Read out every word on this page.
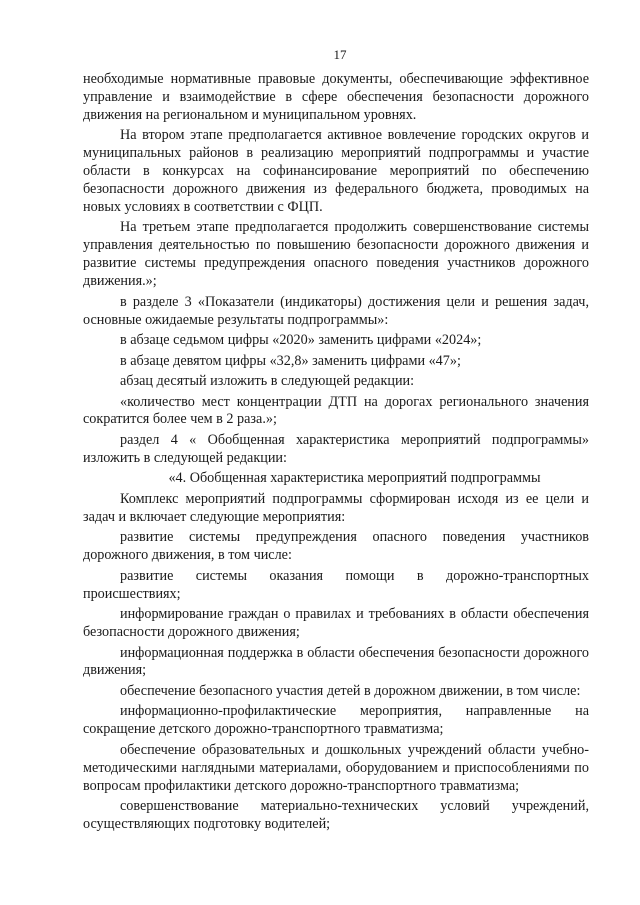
17

необходимые нормативные правовые документы, обеспечивающие эффективное управление и взаимодействие в сфере обеспечения безопасности дорожного движения на региональном и муниципальном уровнях.

На втором этапе предполагается активное вовлечение городских округов и муниципальных районов в реализацию мероприятий подпрограммы и участие области в конкурсах на софинансирование мероприятий по обеспечению безопасности дорожного движения из федерального бюджета, проводимых на новых условиях в соответствии с ФЦП.

На третьем этапе предполагается продолжить совершенствование системы управления деятельностью по повышению безопасности дорожного движения и развитие системы предупреждения опасного поведения участников дорожного движения.»;

в разделе 3 «Показатели (индикаторы) достижения цели и решения задач, основные ожидаемые результаты подпрограммы»:

в абзаце седьмом цифры «2020» заменить цифрами «2024»;

в абзаце девятом цифры «32,8» заменить цифрами «47»;

абзац десятый изложить в следующей редакции:

«количество мест концентрации ДТП на дорогах регионального значения сократится более чем в 2 раза.»;

раздел 4 « Обобщенная характеристика мероприятий подпрограммы» изложить в следующей редакции:

«4. Обобщенная характеристика мероприятий подпрограммы

Комплекс мероприятий подпрограммы сформирован исходя из ее цели и задач и включает следующие мероприятия:

развитие системы предупреждения опасного поведения участников дорожного движения, в том числе:

развитие системы оказания помощи в дорожно-транспортных происшествиях;

информирование граждан о правилах и требованиях в области обеспечения безопасности дорожного движения;

информационная поддержка в области обеспечения безопасности дорожного движения;

обеспечение безопасного участия детей в дорожном движении, в том числе:

информационно-профилактические мероприятия, направленные на сокращение детского дорожно-транспортного травматизма;

обеспечение образовательных и дошкольных учреждений области учебно-методическими наглядными материалами, оборудованием и приспособлениями по вопросам профилактики детского дорожно-транспортного травматизма;

совершенствование материально-технических условий учреждений, осуществляющих подготовку водителей;
